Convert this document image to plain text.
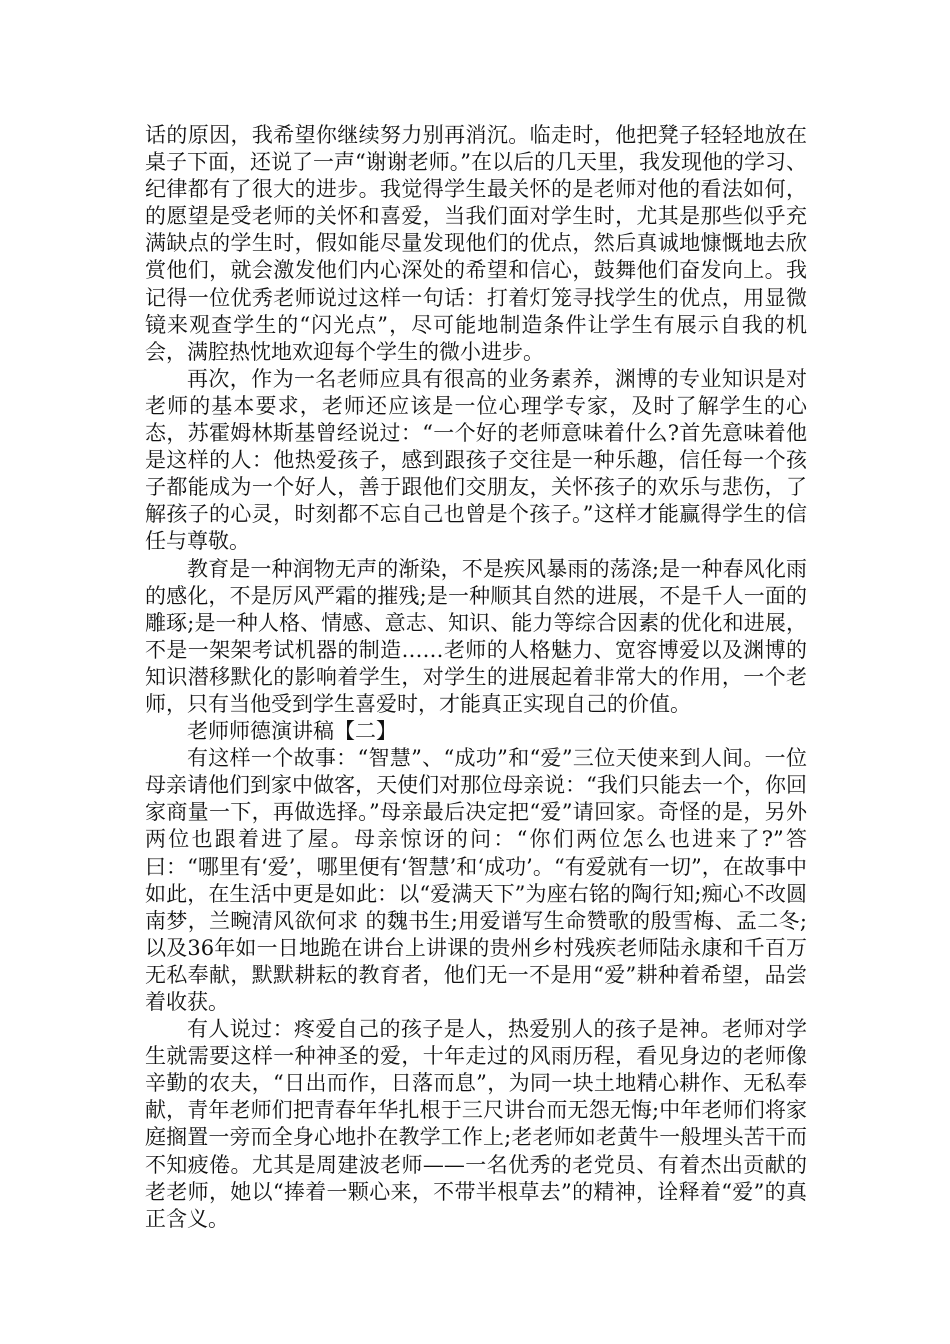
话的原因，我希望你继续努力别再消沉。临走时，他把凳子轻轻地放在桌子下面，还说了一声“谢谢老师。”在以后的几天里，我发现他的学习、纪律都有了很大的进步。我觉得学生最关怀的是老师对他的看法如何，的愿望是受老师的关怀和喜爱，当我们面对学生时，尤其是那些似乎充满缺点的学生时，假如能尽量发现他们的优点，然后真诚地慷慨地去欣赏他们，就会激发他们内心深处的希望和信心，鼓舞他们奋发向上。我记得一位优秀老师说过这样一句话：打着灯笼寻找学生的优点，用显微镜来观查学生的“闪光点”，尽可能地制造条件让学生有展示自我的机会，满腔热忱地欢迎每个学生的微小进步。

再次，作为一名老师应具有很高的业务素养，渊博的专业知识是对老师的基本要求，老师还应该是一位心理学专家，及时了解学生的心态，苏霍姆林斯基曾经说过：“一个好的老师意味着什么?首先意味着他是这样的人：他热爱孩子，感到跟孩子交往是一种乐趣，信任每一个孩子都能成为一个好人，善于跟他们交朋友，关怀孩子的欢乐与悲伤，了解孩子的心灵，时刻都不忘自己也曾是个孩子。”这样才能赢得学生的信任与尊敬。

教育是一种润物无声的渐染，不是疾风暴雨的荡涤;是一种春风化雨的感化，不是厉风严霜的摧残;是一种顺其自然的进展，不是千人一面的雕琢;是一种人格、情感、意志、知识、能力等综合因素的优化和进展，不是一架架考试机器的制造……老师的人格魅力、宽容博爱以及渊博的知识潜移默化的影响着学生，对学生的进展起着非常大的作用，一个老师，只有当他受到学生喜爱时，才能真正实现自己的价值。

老师师德演讲稿【二】

有这样一个故事：“智慧”、“成功”和“爱”三位天使来到人间。一位母亲请他们到家中做客，天使们对那位母亲说：“我们只能去一个，你回家商量一下，再做选择。”母亲最后决定把“爱”请回家。奇怪的是，另外两位也跟着进了屋。母亲惊讶的问：“你们两位怎么也进来了?”答曰：“哪里有‘爱’，哪里便有‘智慧’和‘成功’。“有爱就有一切”，在故事中如此，在生活中更是如此：以“爱满天下”为座右铭的陶行知;痴心不改圆南梦，兰畹清风欲何求 的魏书生;用爱谱写生命赞歌的殷雪梅、孟二冬;以及36年如一日地跪在讲台上讲课的贵州乡村残疾老师陆永康和千百万无私奉献，默默耕耘的教育者，他们无一不是用“爱”耕种着希望，品尝着收获。

有人说过：疼爱自己的孩子是人，热爱别人的孩子是神。老师对学生就需要这样一种神圣的爱，十年走过的风雨历程，看见身边的老师像辛勤的农夫，“日出而作，日落而息”，为同一块土地精心耕作、无私奉献，青年老师们把青春年华扎根于三尺讲台而无怨无悔;中年老师们将家庭搁置一旁而全身心地扑在教学工作上;老老师如老黄牛一般埋头苦干而不知疲倦。尤其是周建波老师——一名优秀的老党员、有着杰出贡献的老老师，她以“捧着一颗心来，不带半根草去”的精神，诠释着“爱”的真正含义。
